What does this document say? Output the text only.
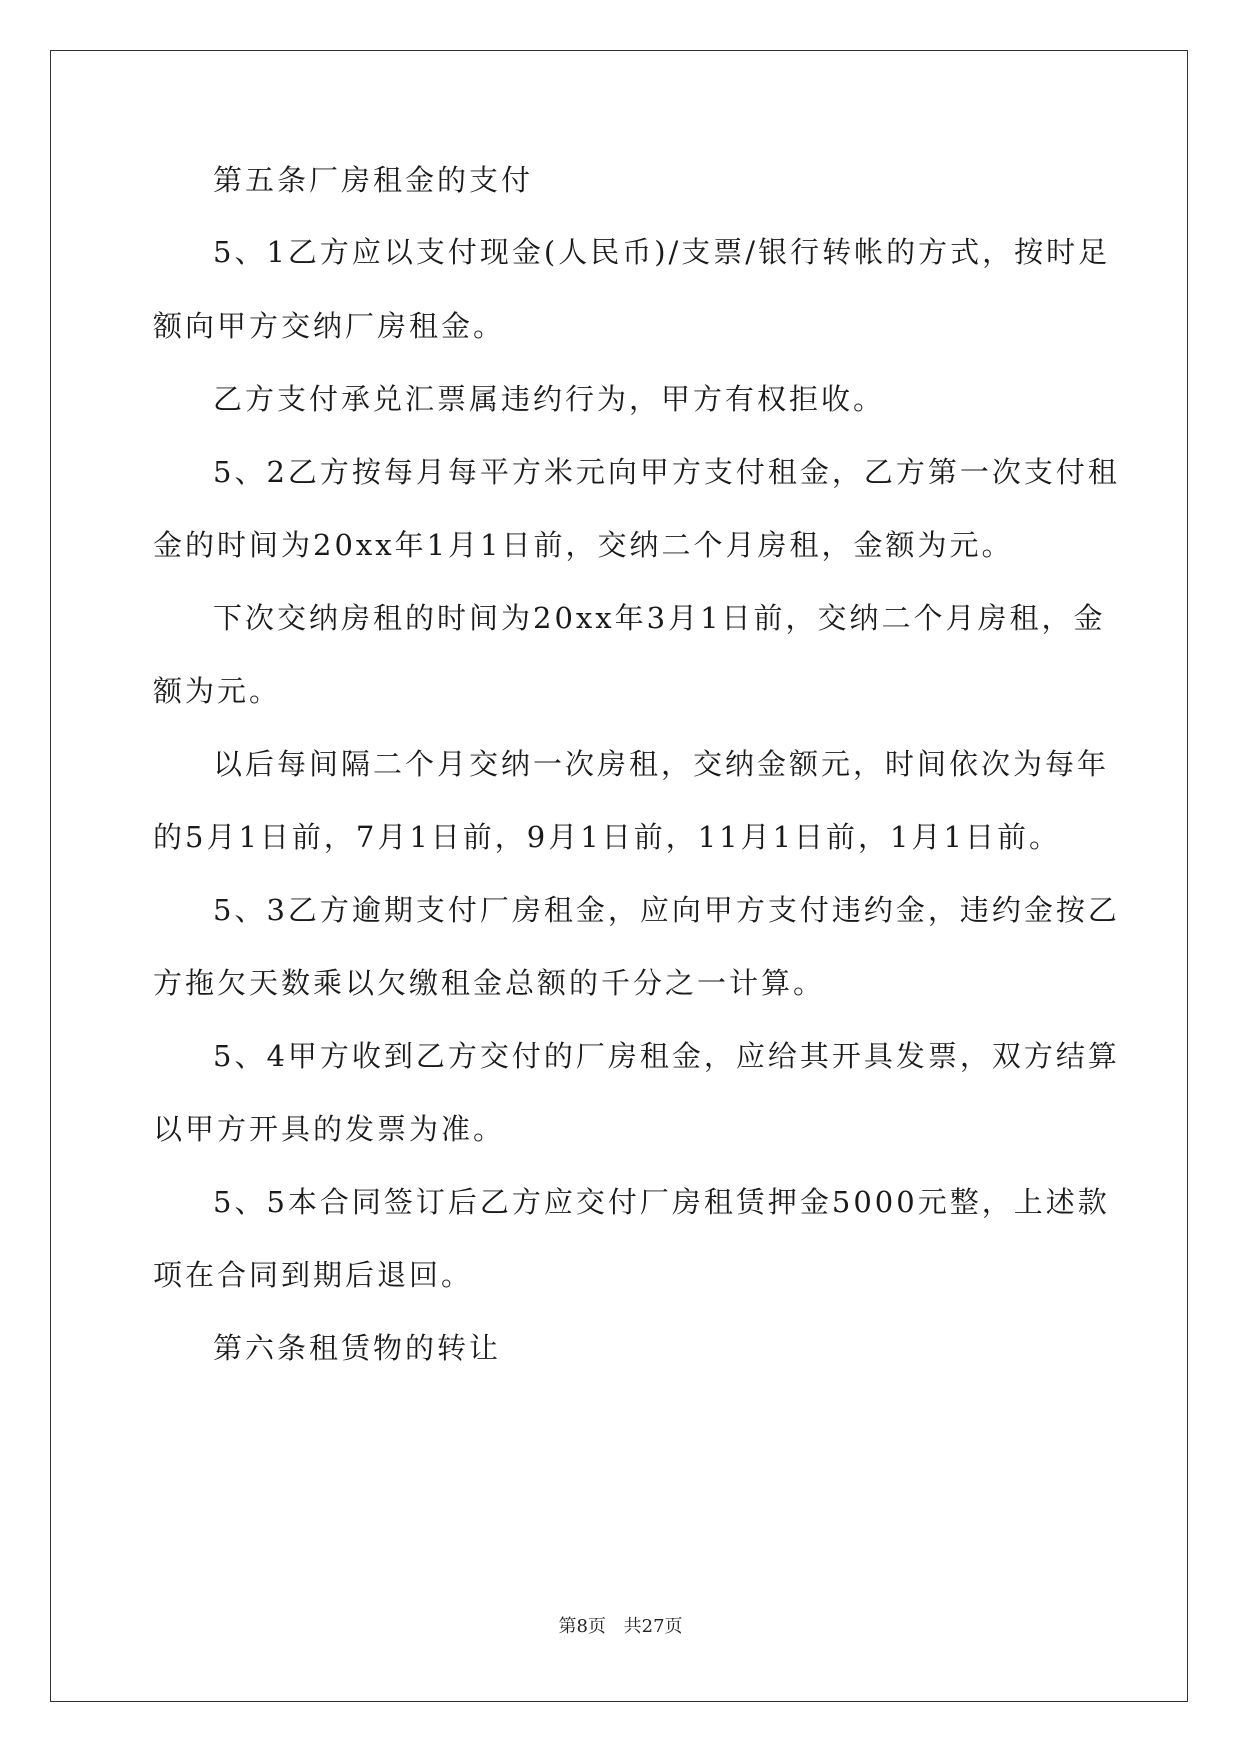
第五条厂房租金的支付
5、1乙方应以支付现金(人民币)/支票/银行转帐的方式，按时足
额向甲方交纳厂房租金。
乙方支付承兑汇票属违约行为，甲方有权拒收。
5、2乙方按每月每平方米元向甲方支付租金，乙方第一次支付租
金的时间为20xx年1月1日前，交纳二个月房租，金额为元。
下次交纳房租的时间为20xx年3月1日前，交纳二个月房租，金
额为元。
以后每间隔二个月交纳一次房租，交纳金额元，时间依次为每年
的5月1日前，7月1日前，9月1日前，11月1日前，1月1日前。
5、3乙方逾期支付厂房租金，应向甲方支付违约金，违约金按乙
方拖欠天数乘以欠缴租金总额的千分之一计算。
5、4甲方收到乙方交付的厂房租金，应给其开具发票，双方结算
以甲方开具的发票为准。
5、5本合同签订后乙方应交付厂房租赁押金5000元整，上述款
项在合同到期后退回。
第六条租赁物的转让
第8页 共27页
